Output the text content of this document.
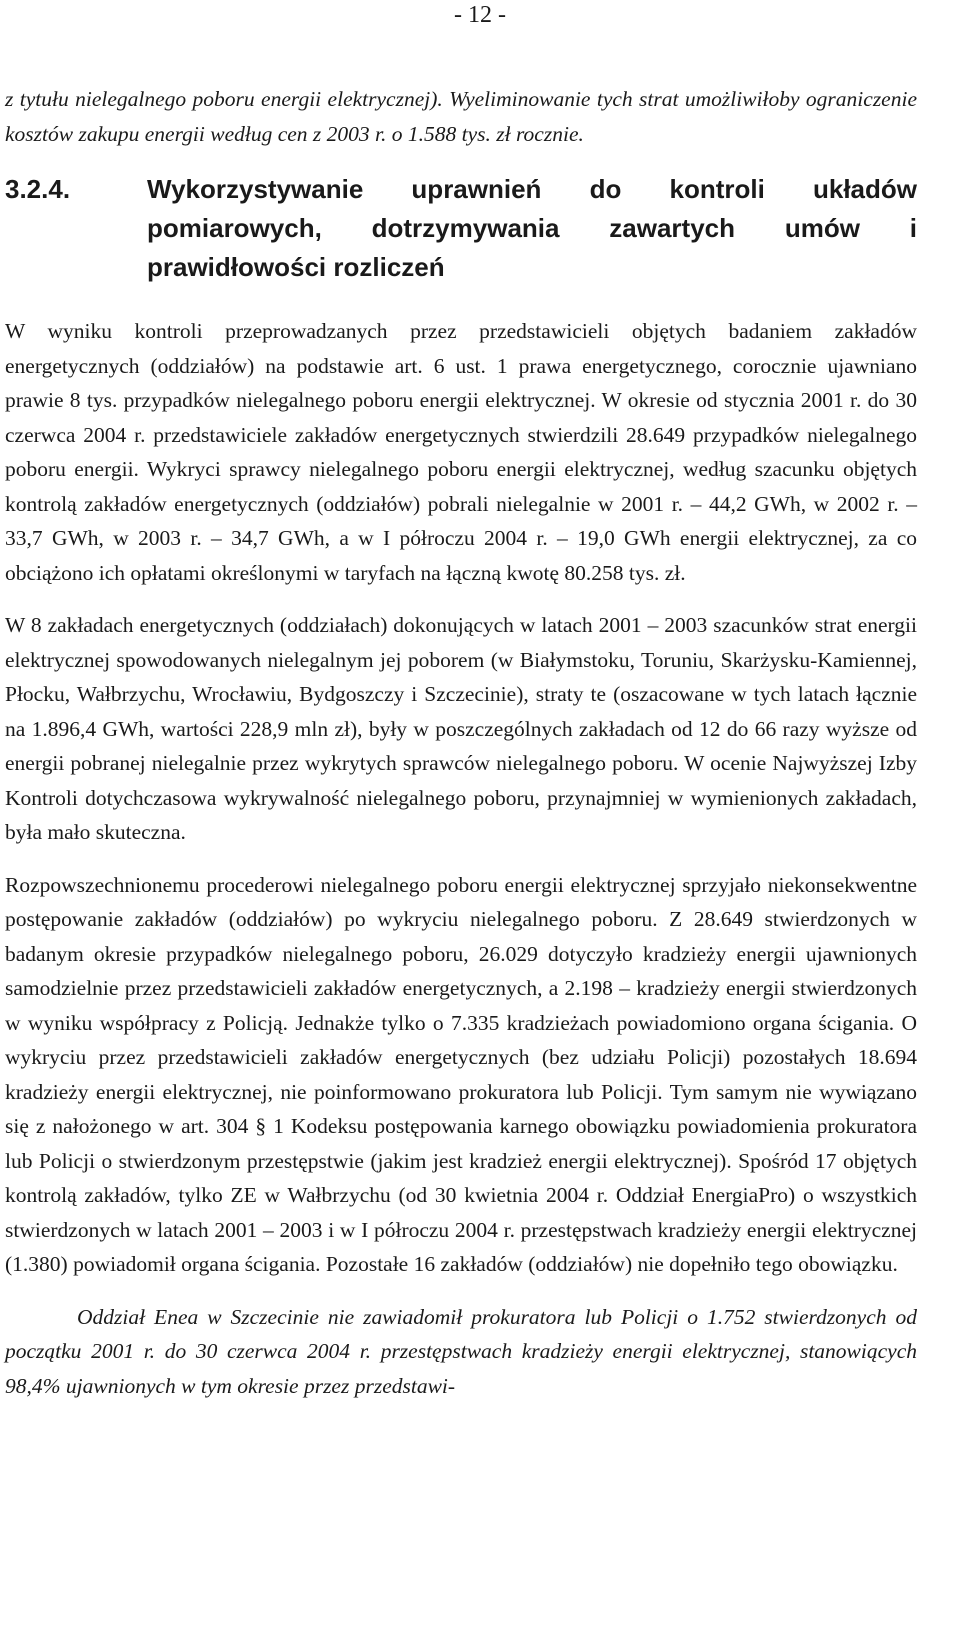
- 12 -

z tytułu nielegalnego poboru energii elektrycznej). Wyeliminowanie tych strat umożliwiłoby ograniczenie kosztów zakupu energii według cen z 2003 r. o 1.588 tys. zł rocznie.

3.2.4.	Wykorzystywanie uprawnień do kontroli układów pomiarowych, dotrzymywania zawartych umów i prawidłowości rozliczeń

W wyniku kontroli przeprowadzanych przez przedstawicieli objętych badaniem zakładów energetycznych (oddziałów) na podstawie art. 6 ust. 1 prawa energetycznego, corocznie ujawniano prawie 8 tys. przypadków nielegalnego poboru energii elektrycznej. W okresie od stycznia 2001 r. do 30 czerwca 2004 r. przedstawiciele zakładów energetycznych stwierdzili 28.649 przypadków nielegalnego poboru energii. Wykryci sprawcy nielegalnego poboru energii elektrycznej, według szacunku objętych kontrolą zakładów energetycznych (oddziałów) pobrali nielegalnie w 2001 r. – 44,2 GWh, w 2002 r. – 33,7 GWh, w 2003 r. – 34,7 GWh, a w I półroczu 2004 r. – 19,0 GWh energii elektrycznej, za co obciążono ich opłatami określonymi w taryfach na łączną kwotę 80.258 tys. zł.

W 8 zakładach energetycznych (oddziałach) dokonujących w latach 2001 – 2003 szacunków strat energii elektrycznej spowodowanych nielegalnym jej poborem (w Białymstoku, Toruniu, Skarżysku-Kamiennej, Płocku, Wałbrzychu, Wrocławiu, Bydgoszczy i Szczecinie), straty te (oszacowane w tych latach łącznie na 1.896,4 GWh, wartości 228,9 mln zł), były w poszczególnych zakładach od 12 do 66 razy wyższe od energii pobranej nielegalnie przez wykrytych sprawców nielegalnego poboru. W ocenie Najwyższej Izby Kontroli dotychczasowa wykrywalność nielegalnego poboru, przynajmniej w wymienionych zakładach, była mało skuteczna.

Rozpowszechnionemu procederowi nielegalnego poboru energii elektrycznej sprzyjało niekonsekwentne postępowanie zakładów (oddziałów) po wykryciu nielegalnego poboru. Z 28.649 stwierdzonych w badanym okresie przypadków nielegalnego poboru, 26.029 dotyczyło kradzieży energii ujawnionych samodzielnie przez przedstawicieli zakładów energetycznych, a 2.198 – kradzieży energii stwierdzonych w wyniku współpracy z Policją. Jednakże tylko o 7.335 kradzieżach powiadomiono organa ścigania. O wykryciu przez przedstawicieli zakładów energetycznych (bez udziału Policji) pozostałych 18.694 kradzieży energii elektrycznej, nie poinformowano prokuratora lub Policji. Tym samym nie wywiązano się z nałożonego w art. 304 § 1 Kodeksu postępowania karnego obowiązku powiadomienia prokuratora lub Policji o stwierdzonym przestępstwie (jakim jest kradzież energii elektrycznej). Spośród 17 objętych kontrolą zakładów, tylko ZE w Wałbrzychu (od 30 kwietnia 2004 r. Oddział EnergiaPro) o wszystkich stwierdzonych w latach 2001 – 2003 i w I półroczu 2004 r. przestępstwach kradzieży energii elektrycznej (1.380) powiadomił organa ścigania. Pozostałe 16 zakładów (oddziałów) nie dopełniło tego obowiązku.

Oddział Enea w Szczecinie nie zawiadomił prokuratora lub Policji o 1.752 stwierdzonych od początku 2001 r. do 30 czerwca 2004 r. przestępstwach kradzieży energii elektrycznej, stanowiących 98,4% ujawnionych w tym okresie przez przedstawi-
